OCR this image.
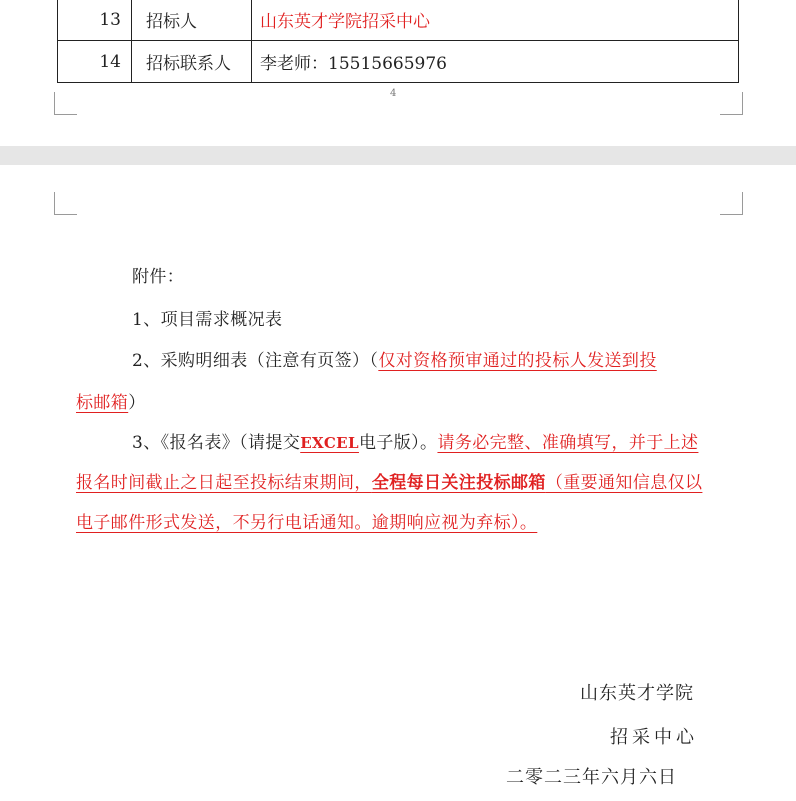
13	招标人	山东英才学院招采中心
14	招标联系人	李老师：15515665976
4

附件：

1、项目需求概况表

2、采购明细表（注意有页签）（仅对资格预审通过的投标人发送到投

标邮箱）

3、《报名表》（请提交EXCEL电子版）。请务必完整、准确填写，并于上述报名时间截止之日起至投标结束期间，全程每日关注投标邮箱（重要通知信息仅以电子邮件形式发送，不另行电话通知。逾期响应视为弃标）。

山东英才学院
招采中心
二零二三年六月六日
